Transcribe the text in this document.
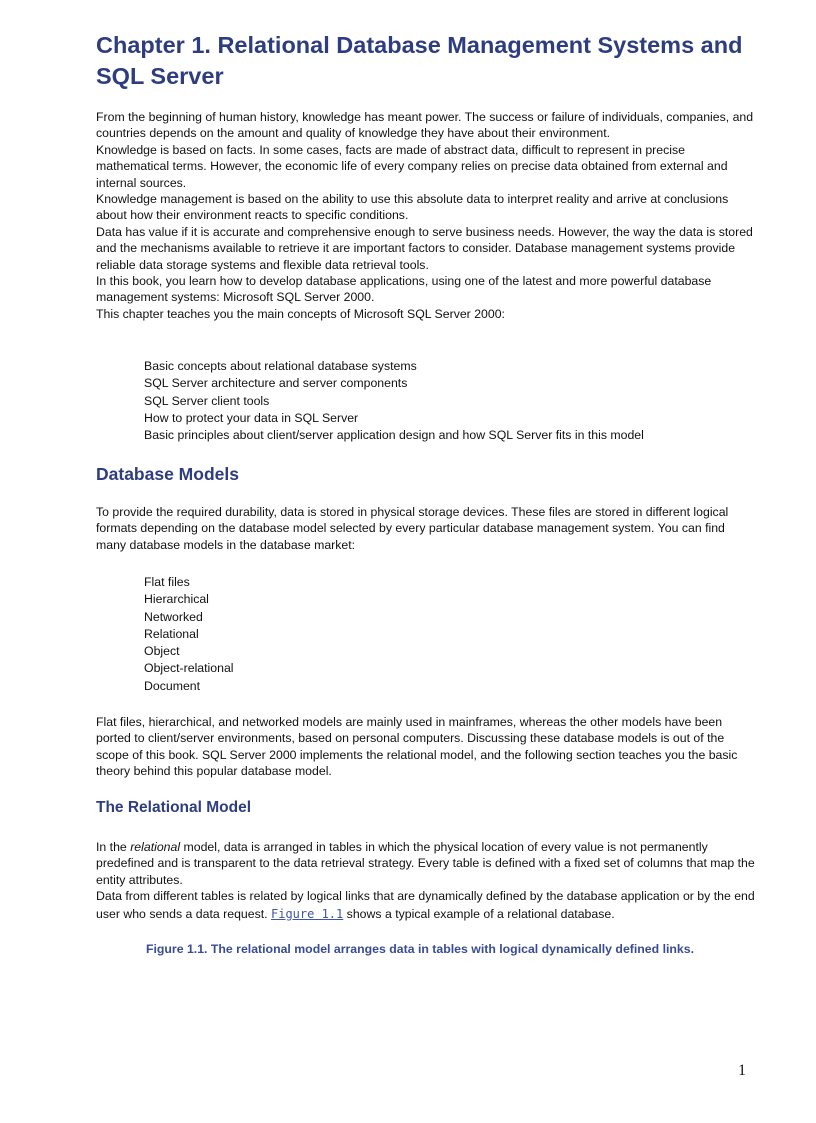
Chapter 1. Relational Database Management Systems and SQL Server

From the beginning of human history, knowledge has meant power. The success or failure of individuals, companies, and countries depends on the amount and quality of knowledge they have about their environment.

Knowledge is based on facts. In some cases, facts are made of abstract data, difficult to represent in precise mathematical terms. However, the economic life of every company relies on precise data obtained from external and internal sources.

Knowledge management is based on the ability to use this absolute data to interpret reality and arrive at conclusions about how their environment reacts to specific conditions.

Data has value if it is accurate and comprehensive enough to serve business needs. However, the way the data is stored and the mechanisms available to retrieve it are important factors to consider. Database management systems provide reliable data storage systems and flexible data retrieval tools.

In this book, you learn how to develop database applications, using one of the latest and more powerful database management systems: Microsoft SQL Server 2000.

This chapter teaches you the main concepts of Microsoft SQL Server 2000:

Basic concepts about relational database systems
SQL Server architecture and server components
SQL Server client tools
How to protect your data in SQL Server
Basic principles about client/server application design and how SQL Server fits in this model
Database Models

To provide the required durability, data is stored in physical storage devices. These files are stored in different logical formats depending on the database model selected by every particular database management system. You can find many database models in the database market:

Flat files
Hierarchical
Networked
Relational
Object
Object-relational
Document

Flat files, hierarchical, and networked models are mainly used in mainframes, whereas the other models have been ported to client/server environments, based on personal computers. Discussing these database models is out of the scope of this book. SQL Server 2000 implements the relational model, and the following section teaches you the basic theory behind this popular database model.

The Relational Model

In the relational model, data is arranged in tables in which the physical location of every value is not permanently predefined and is transparent to the data retrieval strategy. Every table is defined with a fixed set of columns that map the entity attributes.

Data from different tables is related by logical links that are dynamically defined by the database application or by the end user who sends a data request. Figure 1.1 shows a typical example of a relational database.

Figure 1.1. The relational model arranges data in tables with logical dynamically defined links.
1
